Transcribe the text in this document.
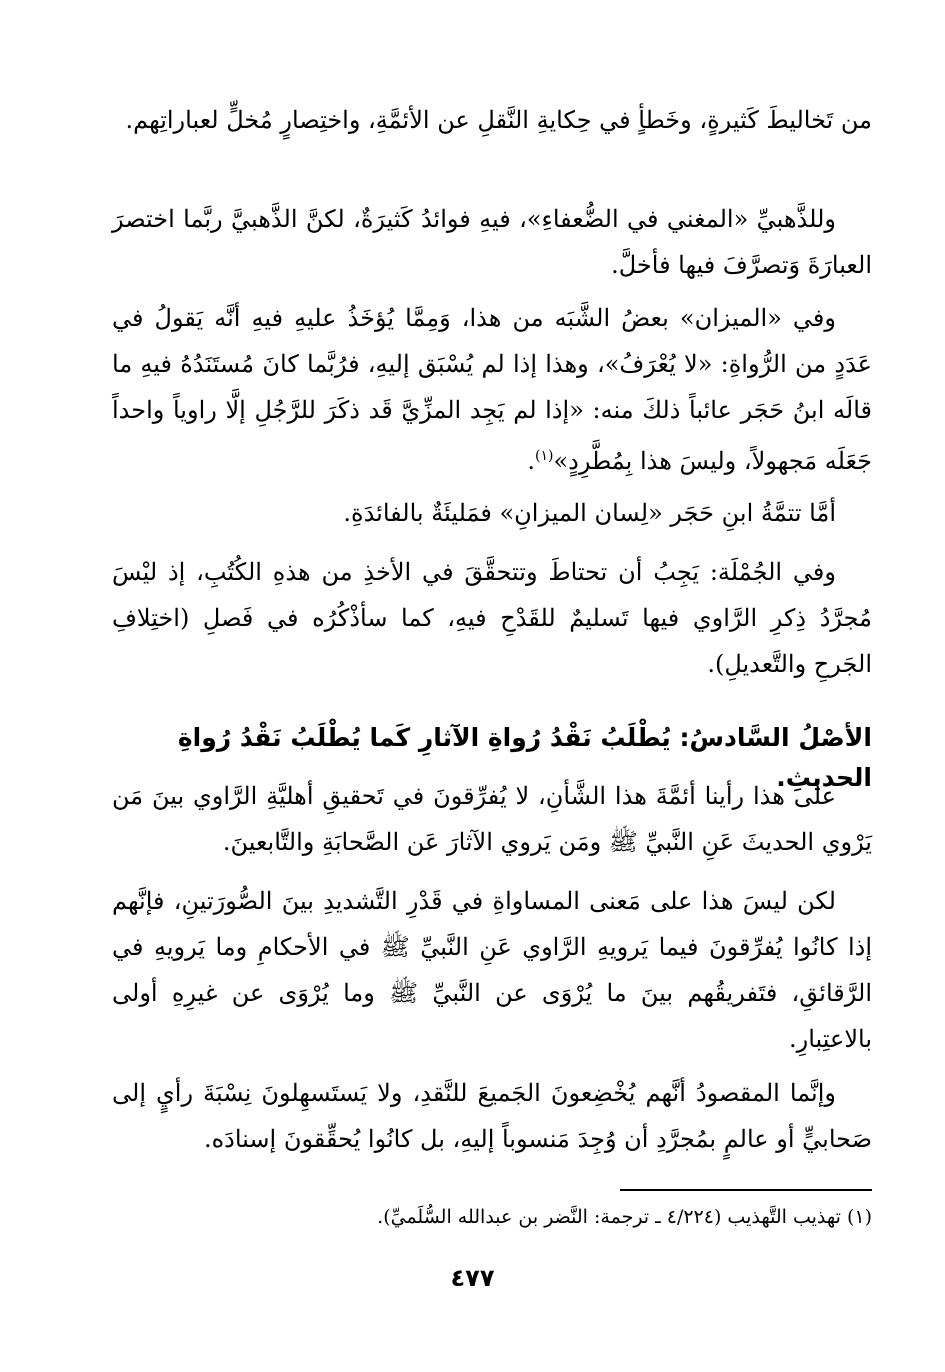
من تَخاليطَ كَثيرةٍ، وخَطأٍ في حِكايةِ النَّقلِ عن الأئمَّةِ، واختِصارٍ مُخلٍّ لعباراتِهم.

وللذَّهبيِّ «المغني في الضُّعفاءِ»، فيهِ فوائدُ كَثيرَةٌ، لكنَّ الذَّهبيَّ ربَّما اختصرَ العبارَةَ وَتصرَّفَ فيها فأخلَّ.

وفي «الميزان» بعضُ الشَّبَه من هذا، وَمِمَّا يُؤخَذُ عليهِ فيهِ أنَّه يَقولُ في عَدَدٍ من الرُّواةِ: «لا يُعْرَفُ»، وهذا إذا لم يُسْبَق إليهِ، فرُبَّما كانَ مُستَنَدُهُ فيهِ ما قالَه ابنُ حَجَر عائباً ذلكَ منه: «إذا لم يَجِد المزِّيَّ قَد ذكَرَ للرَّجُلِ إلَّا راوياً واحداً جَعَلَه مَجهولاً، وليسَ هذا بِمُطَّرِدٍ»$^{(١)}$.

أمَّا تتمَّةُ ابنِ حَجَر «لِسان الميزانِ» فمَليئَةٌ بالفائدَةِ.

وفي الجُمْلَة: يَجِبُ أن تحتاطَ وتتحقَّقَ في الأخذِ من هذهِ الكُتُبِ، إذ ليْسَ مُجرَّدُ ذِكرِ الرَّاوي فيها تَسليمٌ للقَدْحِ فيهِ، كما سأذْكُرُه في فَصلِ (اختِلافِ الجَرحِ والتَّعديلِ).

الأصْلُ السَّادسُ: يُطْلَبُ نَقْدُ رُواةِ الآثارِ كَما يُطْلَبُ نَقْدُ رُواةِ الحديثِ.

على هذا رأينا أئمَّةَ هذا الشَّأنِ، لا يُفرِّقونَ في تَحقيقِ أهليَّةِ الرَّاوي بينَ مَن يَرْوي الحديثَ عَنِ النَّبيِّ ﷺ ومَن يَروي الآثارَ عَن الصَّحابَةِ والتَّابعينَ.

لكن ليسَ هذا على مَعنى المساواةِ في قَدْرِ التَّشديدِ بينَ الصُّورَتينِ، فإنَّهم إذا كانُوا يُفرِّقونَ فيما يَرويهِ الرَّاوي عَنِ النَّبيِّ ﷺ في الأحكامِ وما يَرويهِ في الرَّقائقِ، فتَفريقُهم بينَ ما يُرْوَى عن النَّبيِّ ﷺ وما يُرْوَى عن غيرِهِ أولى بالاعتِبارِ.

وإنَّما المقصودُ أنَّهم يُخْضِعونَ الجَميعَ للنَّقدِ، ولا يَستَسهِلونَ نِسْبَةَ رأيٍ إلى صَحابيٍّ أو عالمٍ بمُجرَّدِ أن وُجِدَ مَنسوباً إليهِ، بل كانُوا يُحقِّقونَ إسنادَه.

(١) تهذيب التَّهذيب (٤/٢٢٤ ـ ترجمة: النَّضر بن عبدالله السُّلَميِّ).

٤٧٧
